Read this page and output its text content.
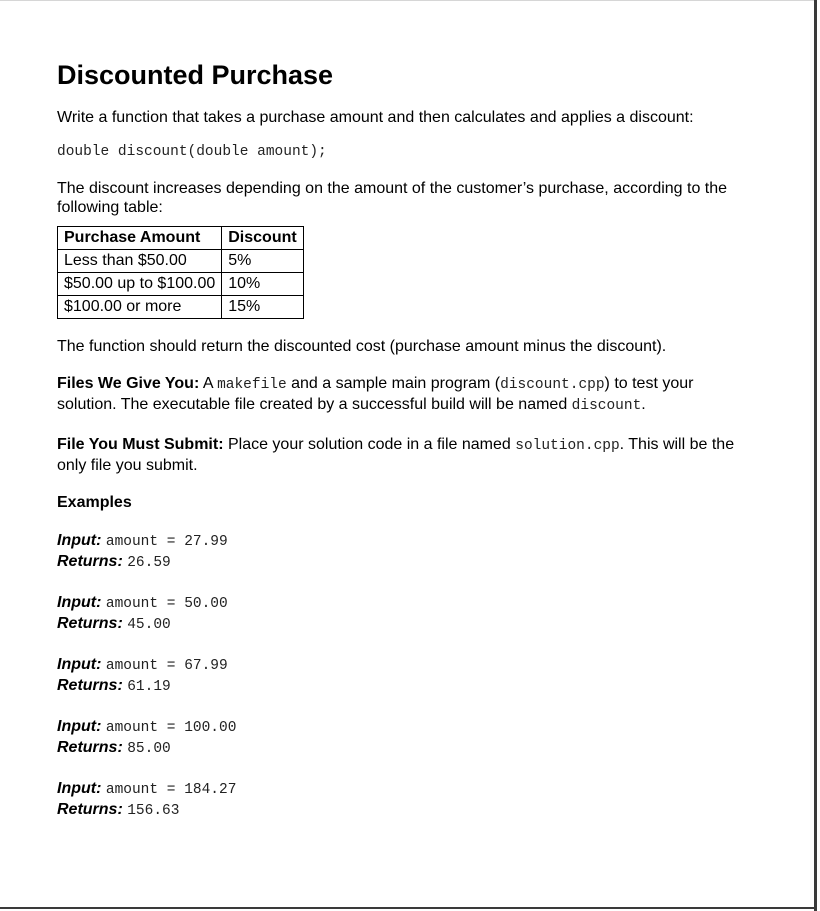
Discounted Purchase

Write a function that takes a purchase amount and then calculates and applies a discount:

double discount(double amount);

The discount increases depending on the amount of the customer’s purchase, according to the following table:

Purchase Amount	Discount
Less than $50.00	5%
$50.00 up to $100.00	10%
$100.00 or more	15%

The function should return the discounted cost (purchase amount minus the discount).

Files We Give You: A makefile and a sample main program (discount.cpp) to test your solution. The executable file created by a successful build will be named discount.

File You Must Submit: Place your solution code in a file named solution.cpp. This will be the only file you submit.

Examples

Input: amount = 27.99
Returns: 26.59
Input: amount = 50.00
Returns: 45.00
Input: amount = 67.99
Returns: 61.19
Input: amount = 100.00
Returns: 85.00
Input: amount = 184.27
Returns: 156.63
